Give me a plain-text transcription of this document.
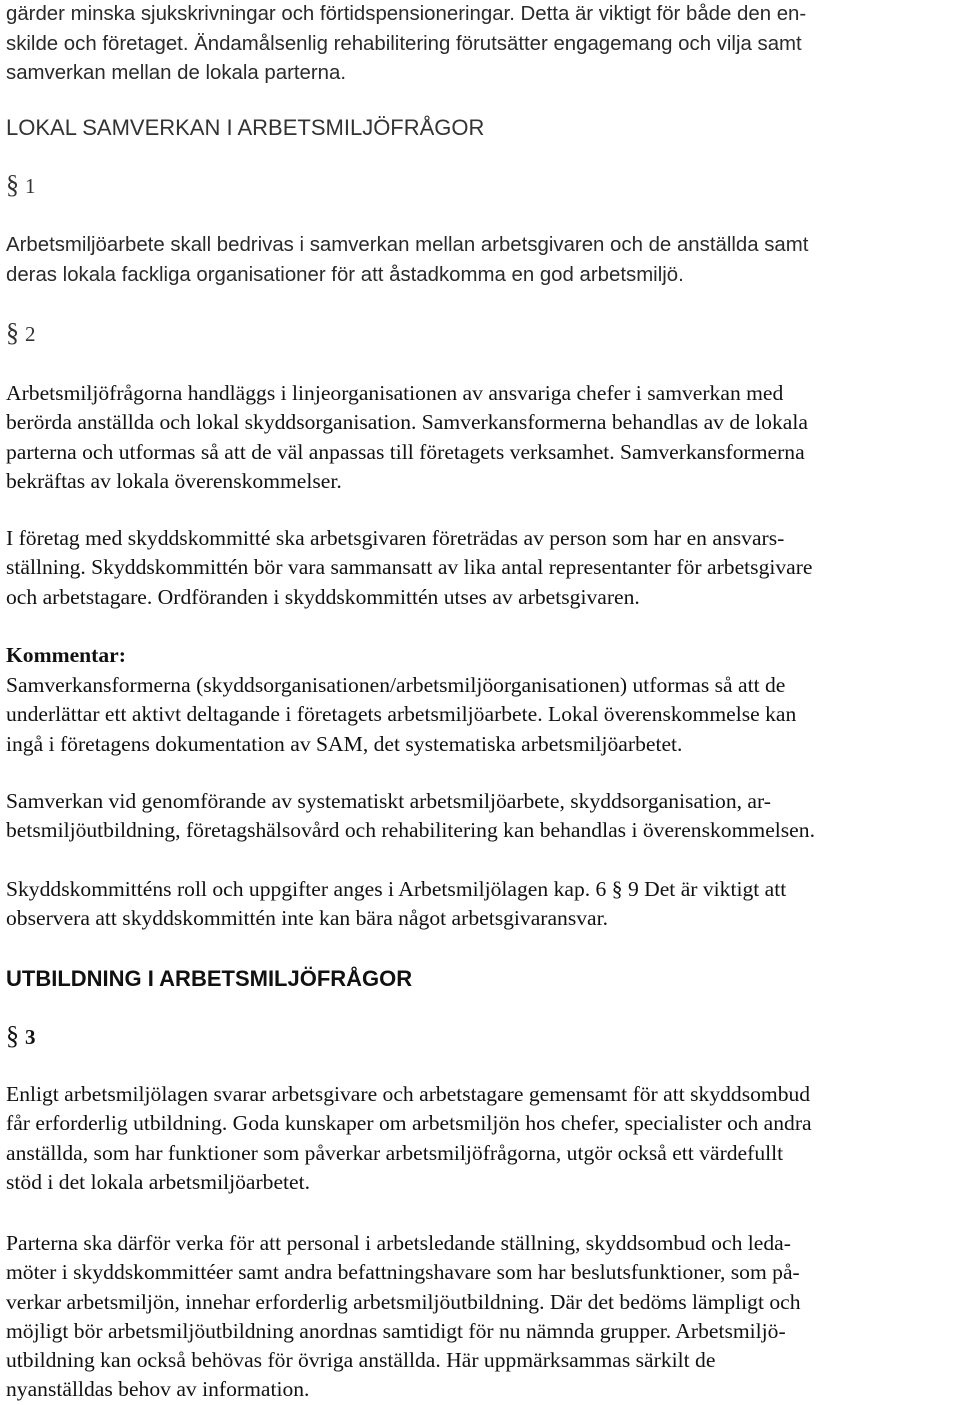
gärder minska sjukskrivningar och förtidspensioneringar. Detta är viktigt för både den en-
skilde och företaget. Ändamålsenlig rehabilitering förutsätter engagemang och vilja samt
samverkan mellan de lokala parterna.
LOKAL SAMVERKAN I ARBETSMILJÖFRÅGOR
§ 1
Arbetsmiljöarbete skall bedrivas i samverkan mellan arbetsgivaren och de anställda samt
deras lokala fackliga organisationer för att åstadkomma en god arbetsmiljö.
§ 2
Arbetsmiljöfrågorna handläggs i linjeorganisationen av ansvariga chefer i samverkan med
berörda anställda och lokal skyddsorganisation. Samverkansformerna behandlas av de lokala
parterna och utformas så att de väl anpassas till företagets verksamhet. Samverkansformerna
bekräftas av lokala överenskommelser.
I företag med skyddskommitté ska arbetsgivaren företrädas av person som har en ansvars-
ställning. Skyddskommittén bör vara sammansatt av lika antal representanter för arbetsgivare
och arbetstagare. Ordföranden i skyddskommittén utses av arbetsgivaren.
Kommentar:
Samverkansformerna (skyddsorganisationen/arbetsmiljöorganisationen) utformas så att de
underlättar ett aktivt deltagande i företagets arbetsmiljöarbete. Lokal överenskommelse kan
ingå i företagens dokumentation av SAM, det systematiska arbetsmiljöarbetet.
Samverkan vid genomförande av systematiskt arbetsmiljöarbete, skyddsorganisation, ar-
betsmiljöutbildning, företagshälsovård och rehabilitering kan behandlas i överenskommelsen.
Skyddskommitténs roll och uppgifter anges i Arbetsmiljölagen kap. 6 § 9 Det är viktigt att
observera att skyddskommittén inte kan bära något arbetsgivaransvar.
UTBILDNING I ARBETSMILJÖFRÅGOR
§ 3
Enligt arbetsmiljölagen svarar arbetsgivare och arbetstagare gemensamt för att skyddsombud
får erforderlig utbildning. Goda kunskaper om arbetsmiljön hos chefer, specialister och andra
anställda, som har funktioner som påverkar arbetsmiljöfrågorna, utgör också ett värdefullt
stöd i det lokala arbetsmiljöarbetet.
Parterna ska därför verka för att personal i arbetsledande ställning, skyddsombud och leda-
möter i skyddskommittéer samt andra befattningshavare som har beslutsfunktioner, som på-
verkar arbetsmiljön, innehar erforderlig arbetsmiljöutbildning. Där det bedöms lämpligt och
möjligt bör arbetsmiljöutbildning anordnas samtidigt för nu nämnda grupper. Arbetsmiljö-
utbildning kan också behövas för övriga anställda. Här uppmärksammas särkilt de
nyanställdas behov av information.
